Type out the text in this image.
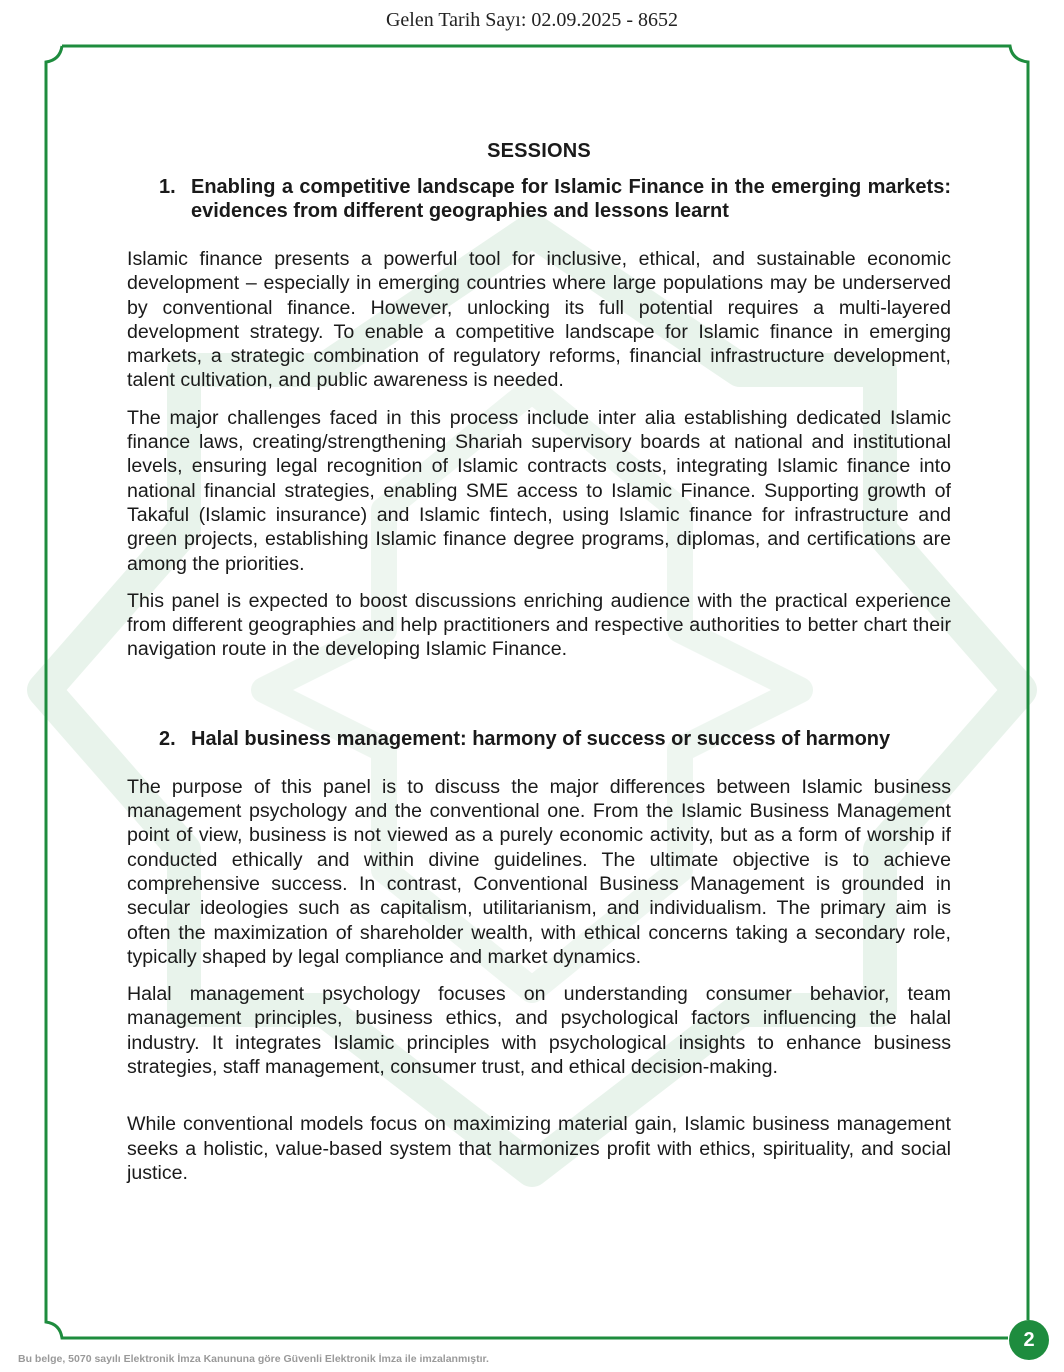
Gelen Tarih Sayı: 02.09.2025 - 8652
SESSIONS
1. Enabling a competitive landscape for Islamic Finance in the emerging markets: evidences from different geographies and lessons learnt

Islamic finance presents a powerful tool for inclusive, ethical, and sustainable economic development – especially in emerging countries where large populations may be underserved by conventional finance. However, unlocking its full potential requires a multi-layered development strategy. To enable a competitive landscape for Islamic finance in emerging markets, a strategic combination of regulatory reforms, financial infrastructure development, talent cultivation, and public awareness is needed.

The major challenges faced in this process include inter alia establishing dedicated Islamic finance laws, creating/strengthening Shariah supervisory boards at national and institutional levels, ensuring legal recognition of Islamic contracts costs, integrating Islamic finance into national financial strategies, enabling SME access to Islamic Finance. Supporting growth of Takaful (Islamic insurance) and Islamic fintech, using Islamic finance for infrastructure and green projects, establishing Islamic finance degree programs, diplomas, and certifications are among the priorities.

This panel is expected to boost discussions enriching audience with the practical experience from different geographies and help practitioners and respective authorities to better chart their navigation route in the developing Islamic Finance.

2. Halal business management: harmony of success or success of harmony

The purpose of this panel is to discuss the major differences between Islamic business management psychology and the conventional one. From the Islamic Business Management point of view, business is not viewed as a purely economic activity, but as a form of worship if conducted ethically and within divine guidelines. The ultimate objective is to achieve comprehensive success. In contrast, Conventional Business Management is grounded in secular ideologies such as capitalism, utilitarianism, and individualism. The primary aim is often the maximization of shareholder wealth, with ethical concerns taking a secondary role, typically shaped by legal compliance and market dynamics.

Halal management psychology focuses on understanding consumer behavior, team management principles, business ethics, and psychological factors influencing the halal industry. It integrates Islamic principles with psychological insights to enhance business strategies, staff management, consumer trust, and ethical decision-making.

While conventional models focus on maximizing material gain, Islamic business management seeks a holistic, value-based system that harmonizes profit with ethics, spirituality, and social justice.

Bu belge, 5070 sayılı Elektronik İmza Kanununa göre Güvenli Elektronik İmza ile imzalanmıştır.
2
